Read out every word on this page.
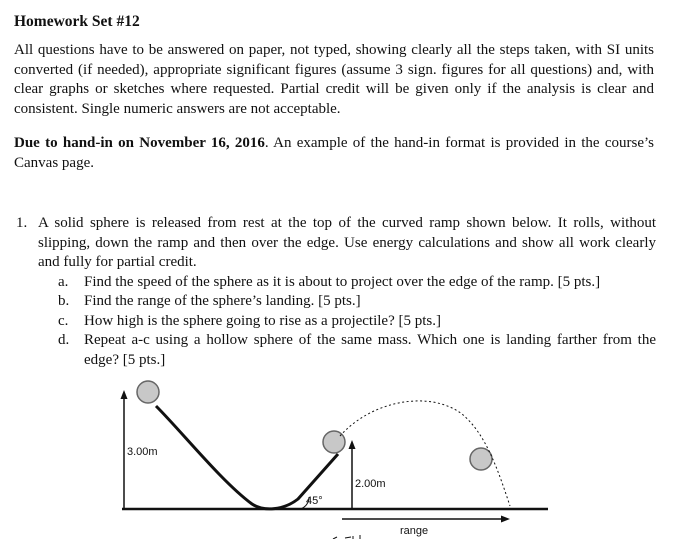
Homework Set #12
All questions have to be answered on paper, not typed, showing clearly all the steps taken, with SI units converted (if needed), appropriate significant figures (assume 3 sign. figures for all questions) and, with clear graphs or sketches where requested. Partial credit will be given only if the analysis is clear and consistent. Single numeric answers are not acceptable.
Due to hand-in on November 16, 2016. An example of the hand-in format is provided in the course’s Canvas page.
1. A solid sphere is released from rest at the top of the curved ramp shown below. It rolls, without slipping, down the ramp and then over the edge. Use energy calculations and show all work clearly and fully for partial credit.
a. Find the speed of the sphere as it is about to project over the edge of the ramp. [5 pts.]
b. Find the range of the sphere’s landing. [5 pts.]
c. How high is the sphere going to rise as a projectile? [5 pts.]
d. Repeat a-c using a hollow sphere of the same mass. Which one is landing farther from the edge? [5 pts.]
3.00m
45°
2.00m
range
